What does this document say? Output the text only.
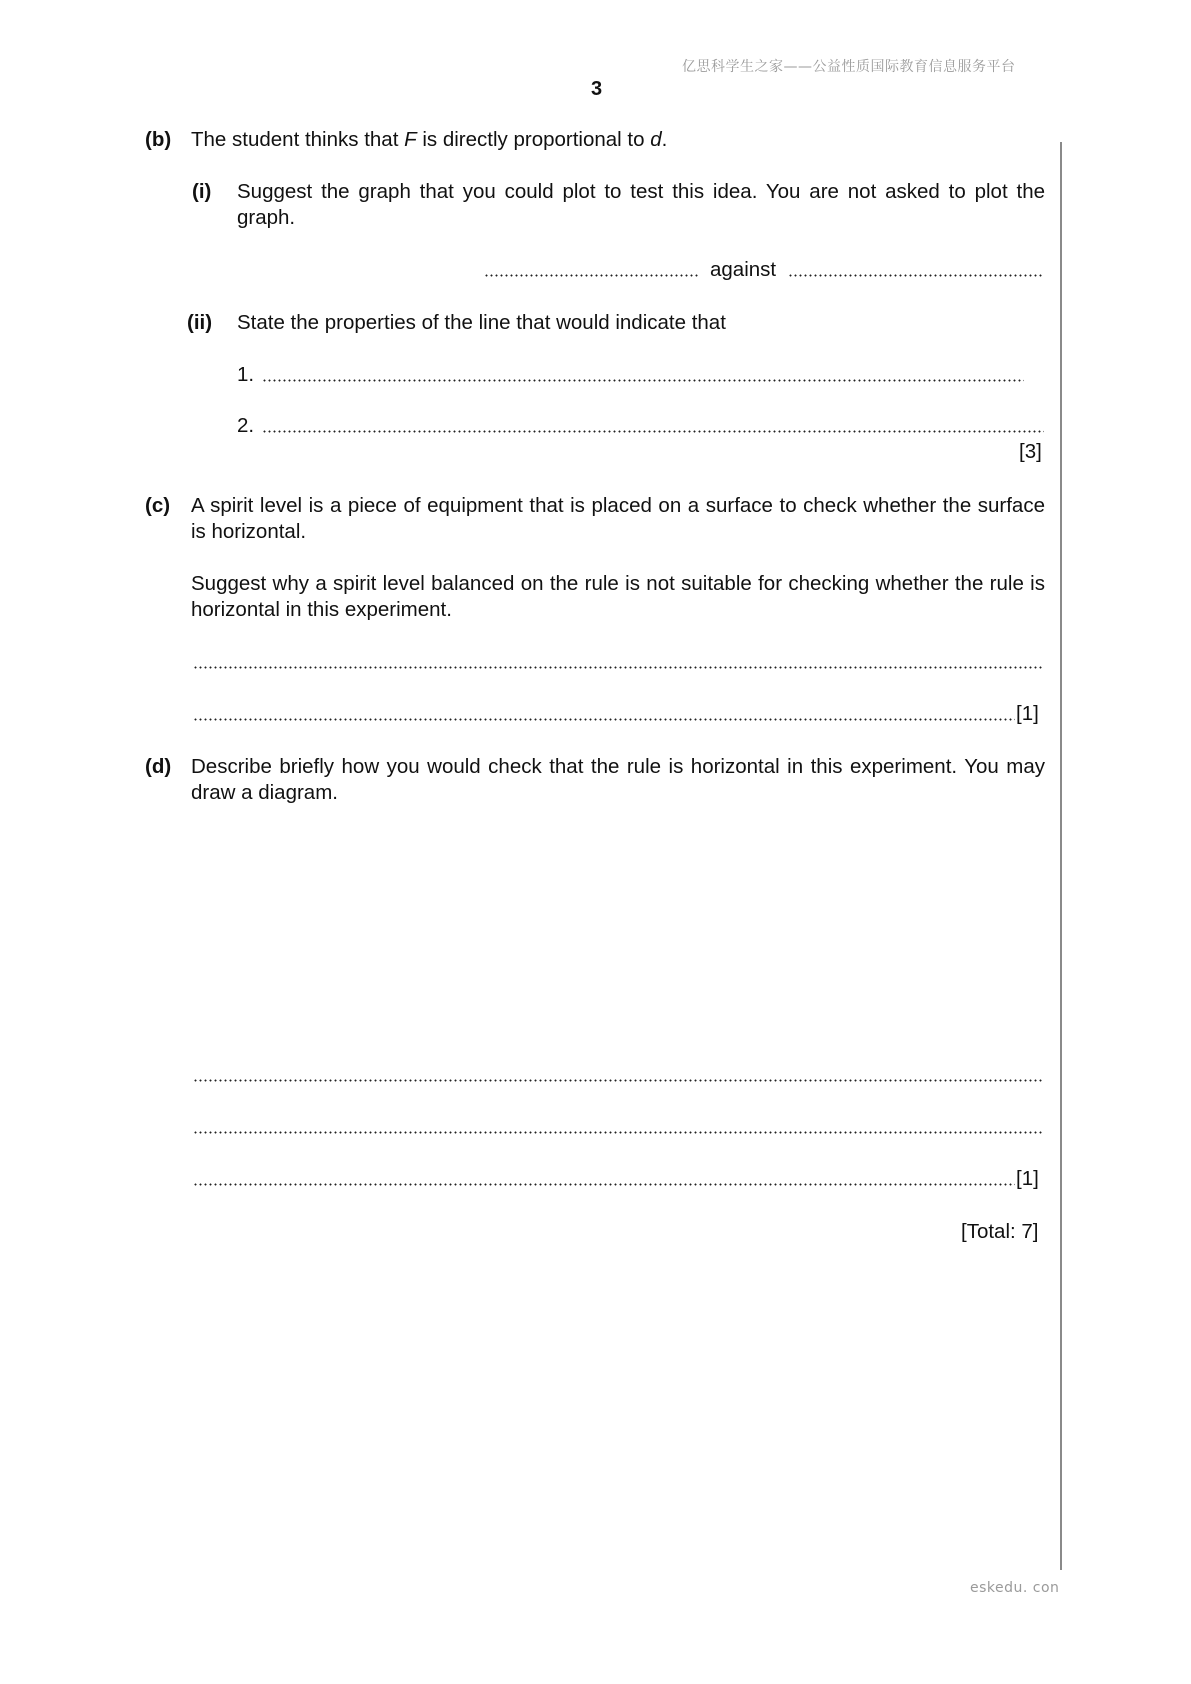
亿思科学生之家——公益性质国际教育信息服务平台
3
(b) The student thinks that F is directly proportional to d.
(i) Suggest the graph that you could plot to test this idea. You are not asked to plot the graph.
against
(ii) State the properties of the line that would indicate that
1.
2.
[3]
(c) A spirit level is a piece of equipment that is placed on a surface to check whether the surface is horizontal.
Suggest why a spirit level balanced on the rule is not suitable for checking whether the rule is horizontal in this experiment.
[1]
(d) Describe briefly how you would check that the rule is horizontal in this experiment. You may draw a diagram.
[1]
[Total: 7]
eskedu. con
